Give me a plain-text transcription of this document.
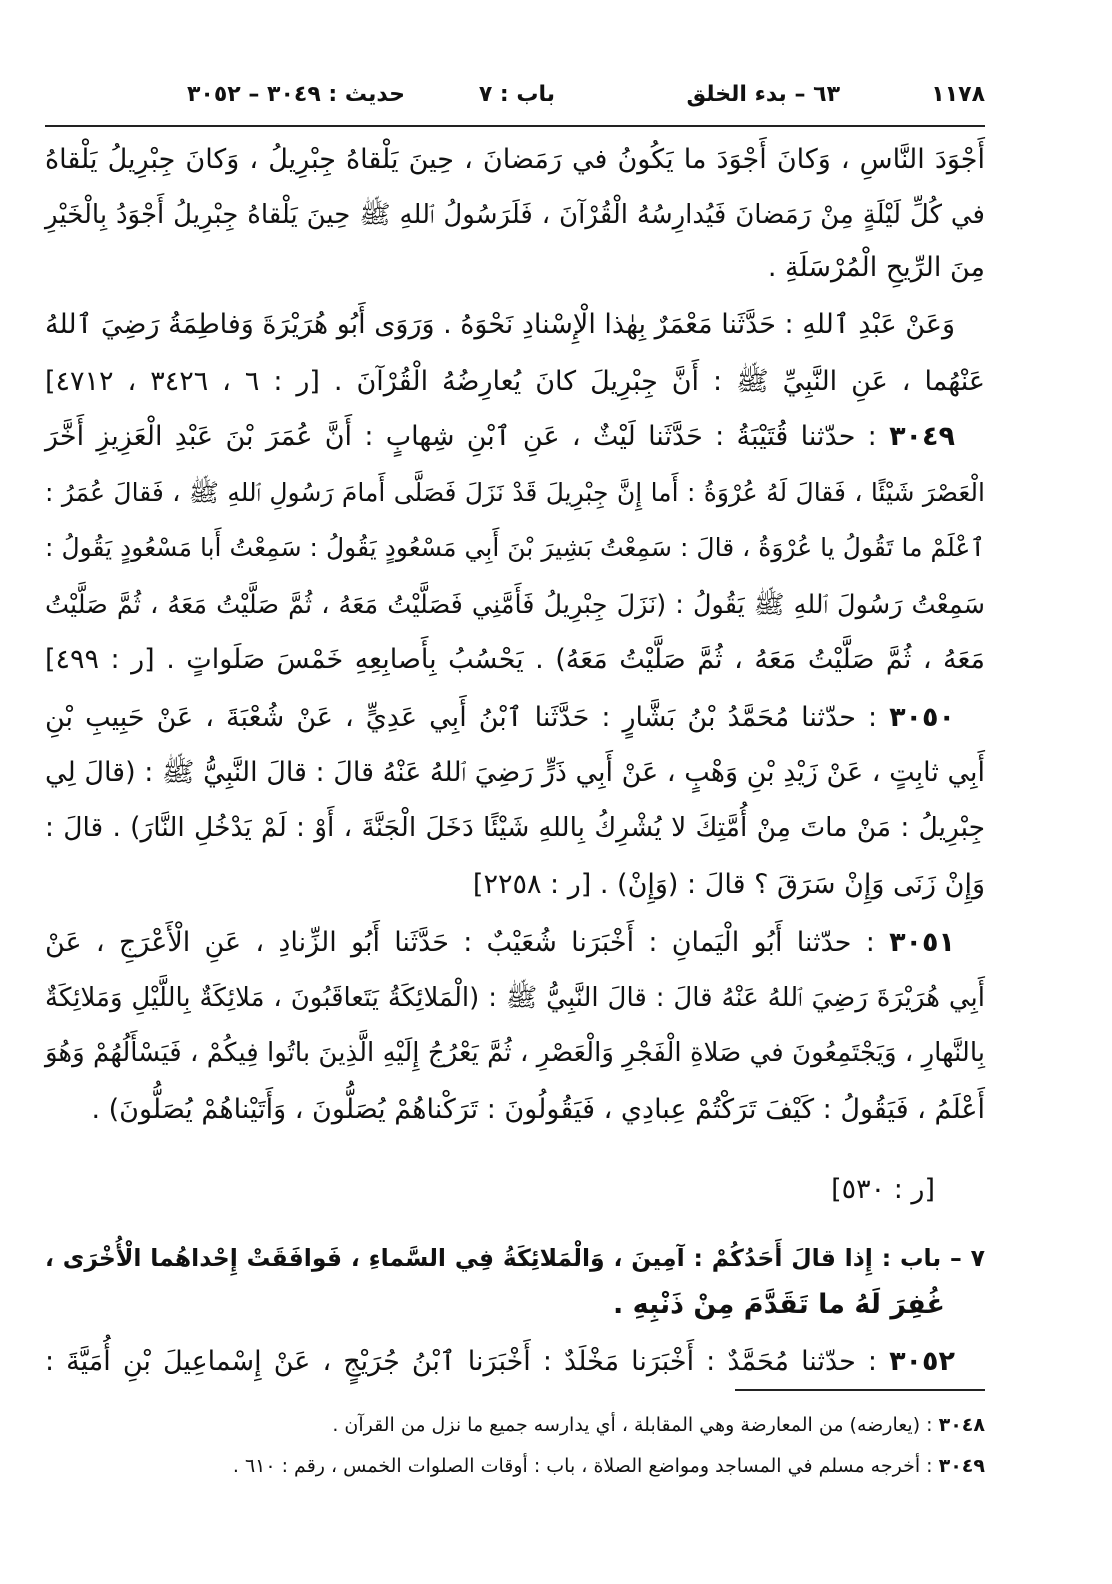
١١٧٨
٦٣ – بدء الخلق
باب : ٧
حديث : ٣٠٤٩ – ٣٠٥٢
أَجْوَدَ النَّاسِ ، وَكانَ أَجْوَدَ ما يَكُونُ في رَمَضانَ ، حِينَ يَلْقاهُ جِبْرِيلُ ، وَكانَ جِبْرِيلُ يَلْقاهُ
في كُلِّ لَيْلَةٍ مِنْ رَمَضانَ فَيُدارِسُهُ الْقُرْآنَ ، فَلَرَسُولُ ٱللهِ ﷺ حِينَ يَلْقاهُ جِبْرِيلُ أَجْوَدُ بِالْخَيْرِ
مِنَ الرِّيحِ الْمُرْسَلَةِ .
وَعَنْ عَبْدِ ٱللهِ : حَدَّثَنا مَعْمَرٌ بِهٰذا الْإِسْنادِ نَحْوَهُ . وَرَوَى أَبُو هُرَيْرَةَ وَفاطِمَةُ رَضِيَ ٱللهُ
عَنْهُما ، عَنِ النَّبِيِّ ﷺ : أَنَّ جِبْرِيلَ كانَ يُعارِضُهُ الْقُرْآنَ . [ر : ٦ ، ٣٤٢٦ ، ٤٧١٢]
٣٠٤٩ : حدّثنا قُتَيْبَةُ : حَدَّثَنا لَيْثٌ ، عَنِ ٱبْنِ شِهابٍ : أَنَّ عُمَرَ بْنَ عَبْدِ الْعَزِيزِ أَخَّرَ
الْعَصْرَ شَيْئًا ، فَقالَ لَهُ عُرْوَةُ : أَما إِنَّ جِبْرِيلَ قَدْ نَزَلَ فَصَلَّى أَمامَ رَسُولِ ٱللهِ ﷺ ، فَقالَ عُمَرُ :
ٱعْلَمْ ما تَقُولُ يا عُرْوَةُ ، قالَ : سَمِعْتُ بَشِيرَ بْنَ أَبِي مَسْعُودٍ يَقُولُ : سَمِعْتُ أَبا مَسْعُودٍ يَقُولُ :
سَمِعْتُ رَسُولَ ٱللهِ ﷺ يَقُولُ : (نَزَلَ جِبْرِيلُ فَأَمَّنِي فَصَلَّيْتُ مَعَهُ ، ثُمَّ صَلَّيْتُ مَعَهُ ، ثُمَّ صَلَّيْتُ
مَعَهُ ، ثُمَّ صَلَّيْتُ مَعَهُ ، ثُمَّ صَلَّيْتُ مَعَهُ) . يَحْسُبُ بِأَصابِعِهِ خَمْسَ صَلَواتٍ . [ر : ٤٩٩]
٣٠٥٠ : حدّثنا مُحَمَّدُ بْنُ بَشَّارٍ : حَدَّثَنا ٱبْنُ أَبِي عَدِيٍّ ، عَنْ شُعْبَةَ ، عَنْ حَبِيبِ بْنِ
أَبِي ثابِتٍ ، عَنْ زَيْدِ بْنِ وَهْبٍ ، عَنْ أَبِي ذَرٍّ رَضِيَ ٱللهُ عَنْهُ قالَ : قالَ النَّبِيُّ ﷺ : (قالَ لِي
جِبْرِيلُ : مَنْ ماتَ مِنْ أُمَّتِكَ لا يُشْرِكُ بِاللهِ شَيْئًا دَخَلَ الْجَنَّةَ ، أَوْ : لَمْ يَدْخُلِ النَّارَ) . قالَ :
وَإِنْ زَنَى وَإِنْ سَرَقَ ؟ قالَ : (وَإِنْ) . [ر : ٢٢٥٨]
٣٠٥١ : حدّثنا أَبُو الْيَمانِ : أَخْبَرَنا شُعَيْبٌ : حَدَّثَنا أَبُو الزِّنادِ ، عَنِ الْأَعْرَجِ ، عَنْ
أَبِي هُرَيْرَةَ رَضِيَ ٱللهُ عَنْهُ قالَ : قالَ النَّبِيُّ ﷺ : (الْمَلائِكَةُ يَتَعاقَبُونَ ، مَلائِكَةٌ بِاللَّيْلِ وَمَلائِكَةٌ
بِالنَّهارِ ، وَيَجْتَمِعُونَ في صَلاةِ الْفَجْرِ وَالْعَصْرِ ، ثُمَّ يَعْرُجُ إِلَيْهِ الَّذِينَ باتُوا فِيكُمْ ، فَيَسْأَلُهُمْ وَهُوَ
أَعْلَمُ ، فَيَقُولُ : كَيْفَ تَرَكْتُمْ عِبادِي ، فَيَقُولُونَ : تَرَكْناهُمْ يُصَلُّونَ ، وَأَتَيْناهُمْ يُصَلُّونَ) .
[ر : ٥٣٠]
٧ – باب : إِذا قالَ أَحَدُكُمْ : آمِينَ ، وَالْمَلائِكَةُ فِي السَّماءِ ، فَوافَقَتْ إِحْداهُما الْأُخْرَى ،
غُفِرَ لَهُ ما تَقَدَّمَ مِنْ ذَنْبِهِ .
٣٠٥٢ : حدّثنا مُحَمَّدٌ : أَخْبَرَنا مَخْلَدٌ : أَخْبَرَنا ٱبْنُ جُرَيْجٍ ، عَنْ إِسْماعِيلَ بْنِ أُمَيَّةَ :
٣٠٤٨ : (يعارضه) من المعارضة وهي المقابلة ، أي يدارسه جميع ما نزل من القرآن .
٣٠٤٩ : أخرجه مسلم في المساجد ومواضع الصلاة ، باب : أوقات الصلوات الخمس ، رقم : ٦١٠ .
